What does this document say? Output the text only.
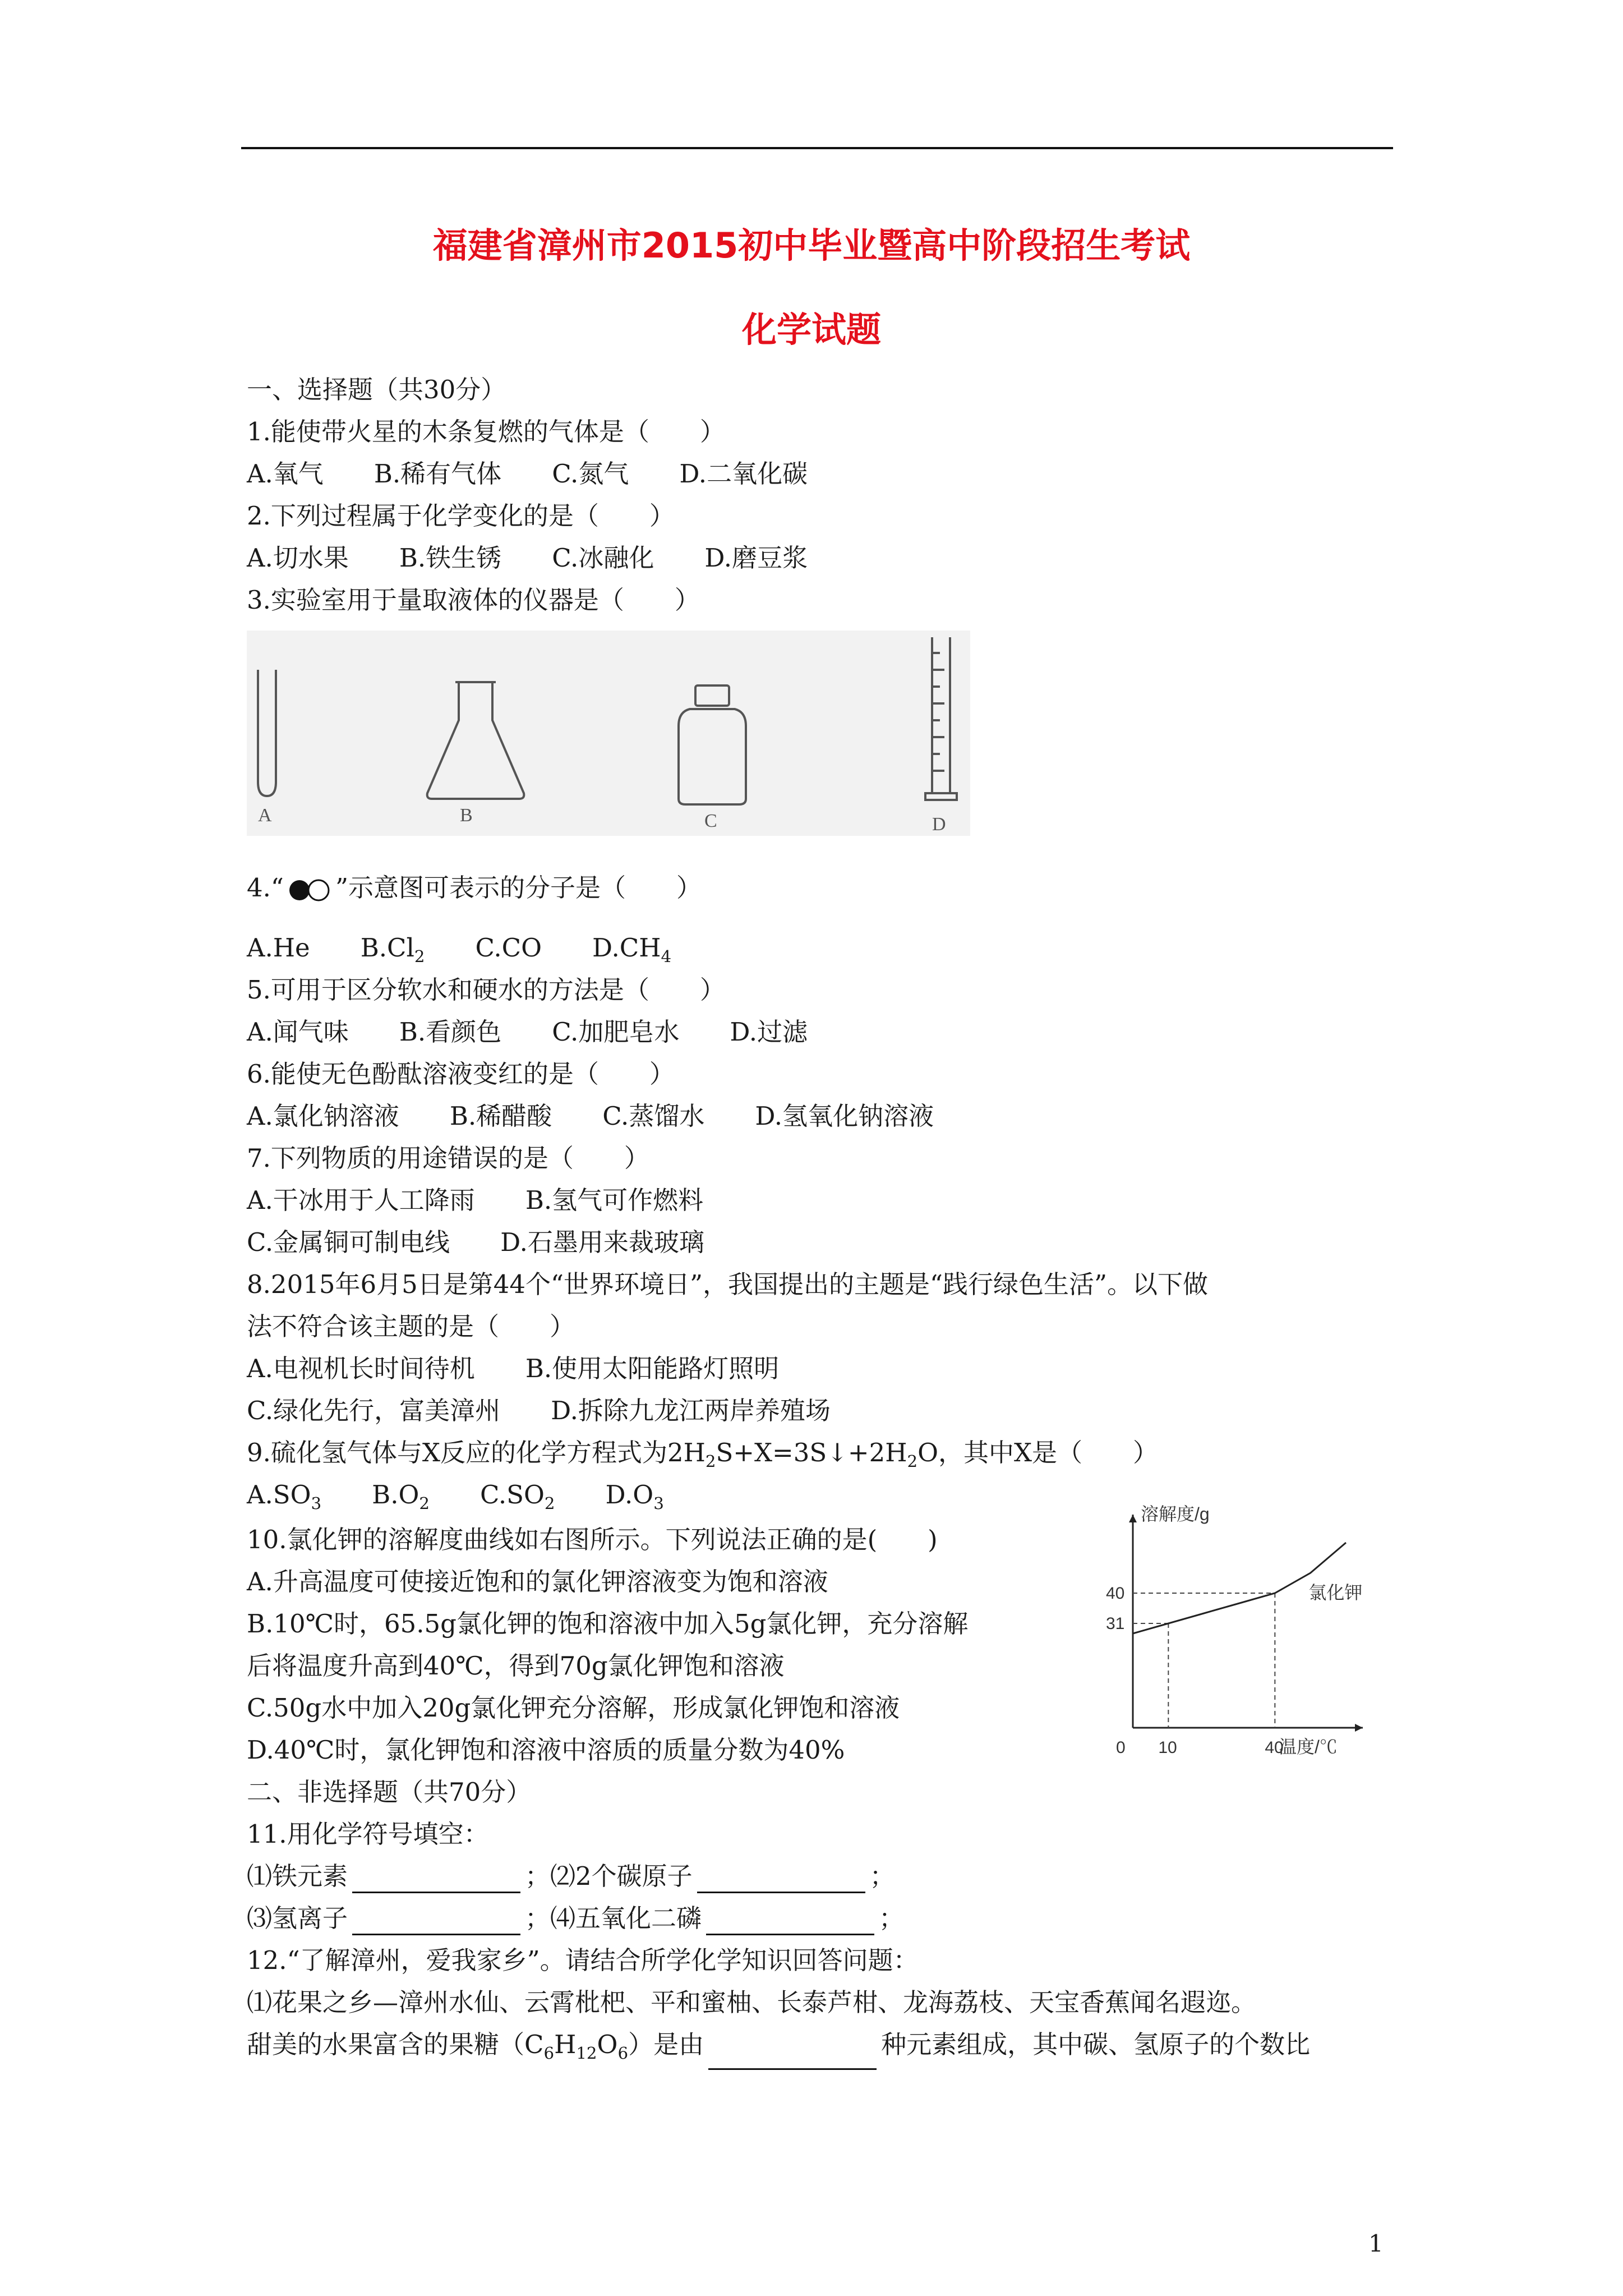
福建省漳州市2015初中毕业暨高中阶段招生考试
化学试题
一、选择题（共30分）
1.能使带火星的木条复燃的气体是（　　）
A.氧气 B.稀有气体 C.氮气 D.二氧化碳
2.下列过程属于化学变化的是（　　）
A.切水果 B.铁生锈 C.冰融化 D.磨豆浆
3.实验室用于量取液体的仪器是（　　）
A	B	C	D
4.“ ”示意图可表示的分子是（　　）
A.He $B.Cl_2$ C.CO $D.CH_4$
5.可用于区分软水和硬水的方法是（　　）
A.闻气味 B.看颜色 C.加肥皂水 D.过滤
6.能使无色酚酞溶液变红的是（　　）
A.氯化钠溶液 B.稀醋酸 C.蒸馏水 D.氢氧化钠溶液
7.下列物质的用途错误的是（　　）
A.干冰用于人工降雨 B.氢气可作燃料
C.金属铜可制电线 D.石墨用来裁玻璃
8.2015年6月5日是第44个“世界环境日”，我国提出的主题是“践行绿色生活”。以下做
法不符合该主题的是（　　）
A.电视机长时间待机 B.使用太阳能路灯照明
C.绿化先行，富美漳州 D.拆除九龙江两岸养殖场
9.硫化氢气体与X反应的化学方程式为$2H_2S+X=3S↓+2H_2O$，其中X是（　　）
$A.SO_3$ $B.O_2$ $C.SO_2$ $D.O_3$
10.氯化钾的溶解度曲线如右图所示。下列说法正确的是(　　)
A.升高温度可使接近饱和的氯化钾溶液变为饱和溶液
B.10℃时，65.5g氯化钾的饱和溶液中加入5g氯化钾，充分溶解
后将温度升高到40℃，得到70g氯化钾饱和溶液
C.50g水中加入20g氯化钾充分溶解，形成氯化钾饱和溶液
D.40℃时，氯化钾饱和溶液中溶质的质量分数为40%
溶解度/g
温度/℃
0 10	40
31
40	氯化钾
二、非选择题（共70分）
11.用化学符号填空：
⑴铁元素	；⑵2个碳原子	；
⑶氢离子	；⑷五氧化二磷	；
12.“了解漳州，爱我家乡”。请结合所学化学知识回答问题：
⑴花果之乡—漳州水仙、云霄枇杷、平和蜜柚、长泰芦柑、龙海荔枝、天宝香蕉闻名遐迩。
甜美的水果富含的果糖$(C_6H_{12}O_6)$是由	种元素组成，其中碳、氢原子的个数比
1
